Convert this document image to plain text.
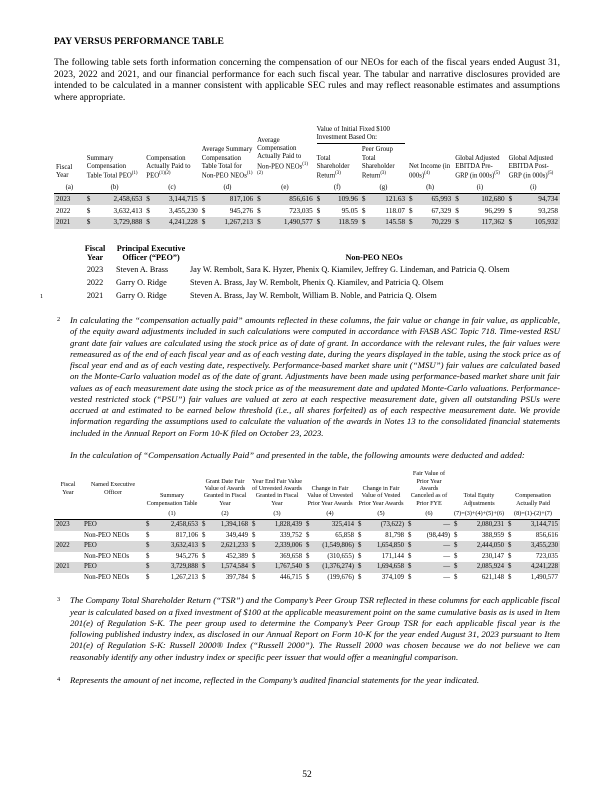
PAY VERSUS PERFORMANCE TABLE

The following table sets forth information concerning the compensation of our NEOs for each of the fiscal years ended August 31, 2023, 2022 and 2021, and our financial performance for each such fiscal year. The tabular and narrative disclosures provided are intended to be calculated in a manner consistent with applicable SEC rules and may reflect reasonable estimates and assumptions where appropriate.

Fiscal Year	Summary Compensation Table Total PEO$^{(1)}$	Compensation Actually Paid to $PEO^{(1)(2)}$	Average Summary Compensation Table Total for Non-PEO NEOs$^{(1)}$	Average Compensation Actually Paid to Non-PEO NEOs$^{(1)(2)}$	Value of Initial Fixed $100 Investment Based On:		Net Income (in 000s)$^{(4)}$	Global Adjusted EBITDA Pre-GRP (in 000s)$^{(5)}$	Global Adjusted EBITDA Post-GRP (in 000s)$^{(5)}$
					Total Shareholder Return$^{(3)}$	Peer Group Total Shareholder Return$^{(3)}$
(a)	(b)	(c)	(d)	(e)	(f)	(g)	(h)	(i)	(i)
2023	$ 2,458,653	$ 3,144,715	$ 817,106	$ 856,616	$ 109.96	$ 121.63	$ 65,993	$ 102,680	$ 94,734

2022	$ 3,632,413	$ 3,455,230	$ 945,276	$ 723,035	$ 95.05	$ 118.07	$ 67,329	$ 96,299	$ 93,258

2021	$ 3,729,888	$ 4,241,228	$ 1,267,213	$ 1,490,577	$ 118.59	$ 145.58	$ 70,229	$ 117,362	$ 105,932
1
Fiscal Year	Principal Executive Officer (“PEO”)	Non-PEO NEOs
2023	Steven A. Brass	Jay W. Rembolt, Sara K. Hyzer, Phenix Q. Kiamilev, Jeffrey G. Lindeman, and Patricia Q. Olsem
2022	Garry O. Ridge	Steven A. Brass, Jay W. Rembolt, Phenix Q. Kiamilev, and Patricia Q. Olsem
2021	Garry O. Ridge	Steven A. Brass, Jay W. Rembolt, William B. Noble, and Patricia Q. Olsem
2	In calculating the “compensation actually paid” amounts reflected in these columns, the fair value or change in fair value, as applicable, of the equity award adjustments included in such calculations were computed in accordance with FASB ASC Topic 718. Time-vested RSU grant date fair values are calculated using the stock price as of date of grant. In accordance with the relevant rules, the fair values were remeasured as of the end of each fiscal year and as of each vesting date, during the years displayed in the table, using the stock price as of fiscal year end and as of each vesting date, respectively. Performance-based market share unit (“MSU”) fair values are calculated based on the Monte-Carlo valuation model as of the date of grant. Adjustments have been made using performance-based market share unit fair values as of each measurement date using the stock price as of the measurement date and updated Monte-Carlo valuations. Performance-vested restricted stock (“PSU”) fair values are valued at zero at each respective measurement date, given all outstanding PSUs were accrued at and estimated to be earned below threshold (i.e., all shares forfeited) as of each respective measurement date. We provide information regarding the assumptions used to calculate the valuation of the awards in Notes 13 to the consolidated financial statements included in the Annual Report on Form 10-K filed on October 23, 2023.

In the calculation of “Compensation Actually Paid” and presented in the table, the following amounts were deducted and added:

Fiscal Year	Named Executive Officer	Summary Compensation Table	Grant Date Fair Value of Awards Granted in Fiscal Year	Year End Fair Value of Unvested Awards Granted in Fiscal Year	Change in Fair Value of Unvested Prior Year Awards	Change in Fair Value of Vested Prior Year Awards	Fair Value of Prior Year Awards Canceled as of Prior FYE	Total Equity Adjustments	Compensation Actually Paid
		(1)	(2)	(3)	(4)	(5)	(6)	(7)=(3)+(4)+(5)+(6)	(8)=(1)-(2)+(7)
2023	PEO	$ 2,458,653	$ 1,394,168	$ 1,828,439	$ 325,414	$ (73,622)	$ —	$ 2,080,231	$ 3,144,715

	Non-PEO NEOs	$ 817,106	$ 349,449	$ 339,752	$ 65,858	$ 81,798	$ (98,449)	$ 388,959	$ 856,616

2022	PEO	$ 3,632,413	$ 2,621,233	$ 2,339,006	$ (1,549,806)	$ 1,654,850	$ —	$ 2,444,050	$ 3,455,230

	Non-PEO NEOs	$ 945,276	$ 452,389	$ 369,658	$ (310,655)	$ 171,144	$ —	$ 230,147	$ 723,035

2021	PEO	$ 3,729,888	$ 1,574,584	$ 1,767,540	$ (1,376,274)	$ 1,694,658	$ —	$ 2,085,924	$ 4,241,228

	Non-PEO NEOs	$ 1,267,213	$ 397,784	$ 446,715	$ (199,676)	$ 374,109	$ —	$ 621,148	$ 1,490,577
3	The Company Total Shareholder Return (“TSR”) and the Company’s Peer Group TSR reflected in these columns for each applicable fiscal year is calculated based on a fixed investment of $100 at the applicable measurement point on the same cumulative basis as is used in Item 201(e) of Regulation S-K. The peer group used to determine the Company’s Peer Group TSR for each applicable fiscal year is the following published industry index, as disclosed in our Annual Report on Form 10-K for the year ended August 31, 2023 pursuant to Item 201(e) of Regulation S-K: Russell 2000® Index (“Russell 2000”). The Russell 2000 was chosen because we do not believe we can reasonably identify any other industry index or specific peer issuer that would offer a meaningful comparison.

4	Represents the amount of net income, reflected in the Company’s audited financial statements for the year indicated.

52
